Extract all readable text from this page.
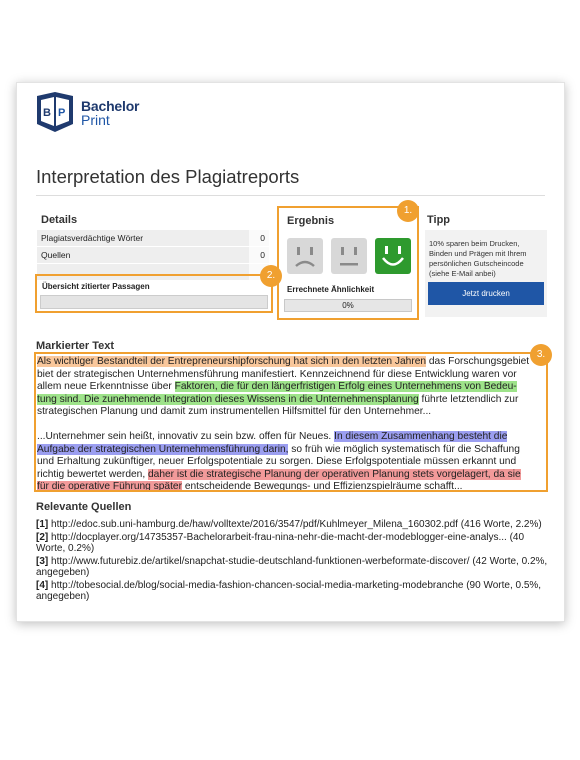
B P Bachelor
Print
Interpretation des Plagiatreports
Details
Plagiatsverdächtige Wörter	0
Quellen	0
Übersicht zitierter Passagen
2.
Ergebnis
Errechnete Ähnlichkeit
0%
1.
Tipp
10% sparen beim Drucken, Binden und Prägen mit Ihrem persönlichen Gutscheincode (siehe E-Mail anbei)
Jetzt drucken
Markierter Text
Als wichtiger Bestandteil der Entrepreneurshipforschung hat sich in den letzten Jahren das Forschungsgebiet
biet der strategischen Unternehmensführung manifestiert. Kennzeichnend für diese Entwicklung waren vor
allem neue Erkenntnisse über Faktoren, die für den längerfristigen Erfolg eines Unternehmens von Bedeu-
tung sind. Die zunehmende Integration dieses Wissens in die Unternehmensplanung führte letztendlich zur
strategischen Planung und damit zum instrumentellen Hilfsmittel für den Unternehmer...
...Unternehmer sein heißt, innovativ zu sein bzw. offen für Neues. In diesem Zusammenhang besteht die
Aufgabe der strategischen Unternehmensführung darin, so früh wie möglich systematisch für die Schaffung
und Erhaltung zukünftiger, neuer Erfolgspotentiale zu sorgen. Diese Erfolgspotentiale müssen erkannt und
richtig bewertet werden, daher ist die strategische Planung der operativen Planung stets vorgelagert, da sie
für die operative Führung später entscheidende Bewegungs- und Effizienzspielräume schafft...
3.
Relevante Quellen
[1] http://edoc.sub.uni-hamburg.de/haw/volltexte/2016/3547/pdf/Kuhlmeyer_Milena_160302.pdf (416 Worte, 2.2%)
[2] http://docplayer.org/14735357-Bachelorarbeit-frau-nina-nehr-die-macht-der-modeblogger-eine-analys... (40 Worte, 0.2%)
[3] http://www.futurebiz.de/artikel/snapchat-studie-deutschland-funktionen-werbeformate-discover/ (42 Worte, 0.2%, angegeben)
[4] http://tobesocial.de/blog/social-media-fashion-chancen-social-media-marketing-modebranche (90 Worte, 0.5%, angegeben)
